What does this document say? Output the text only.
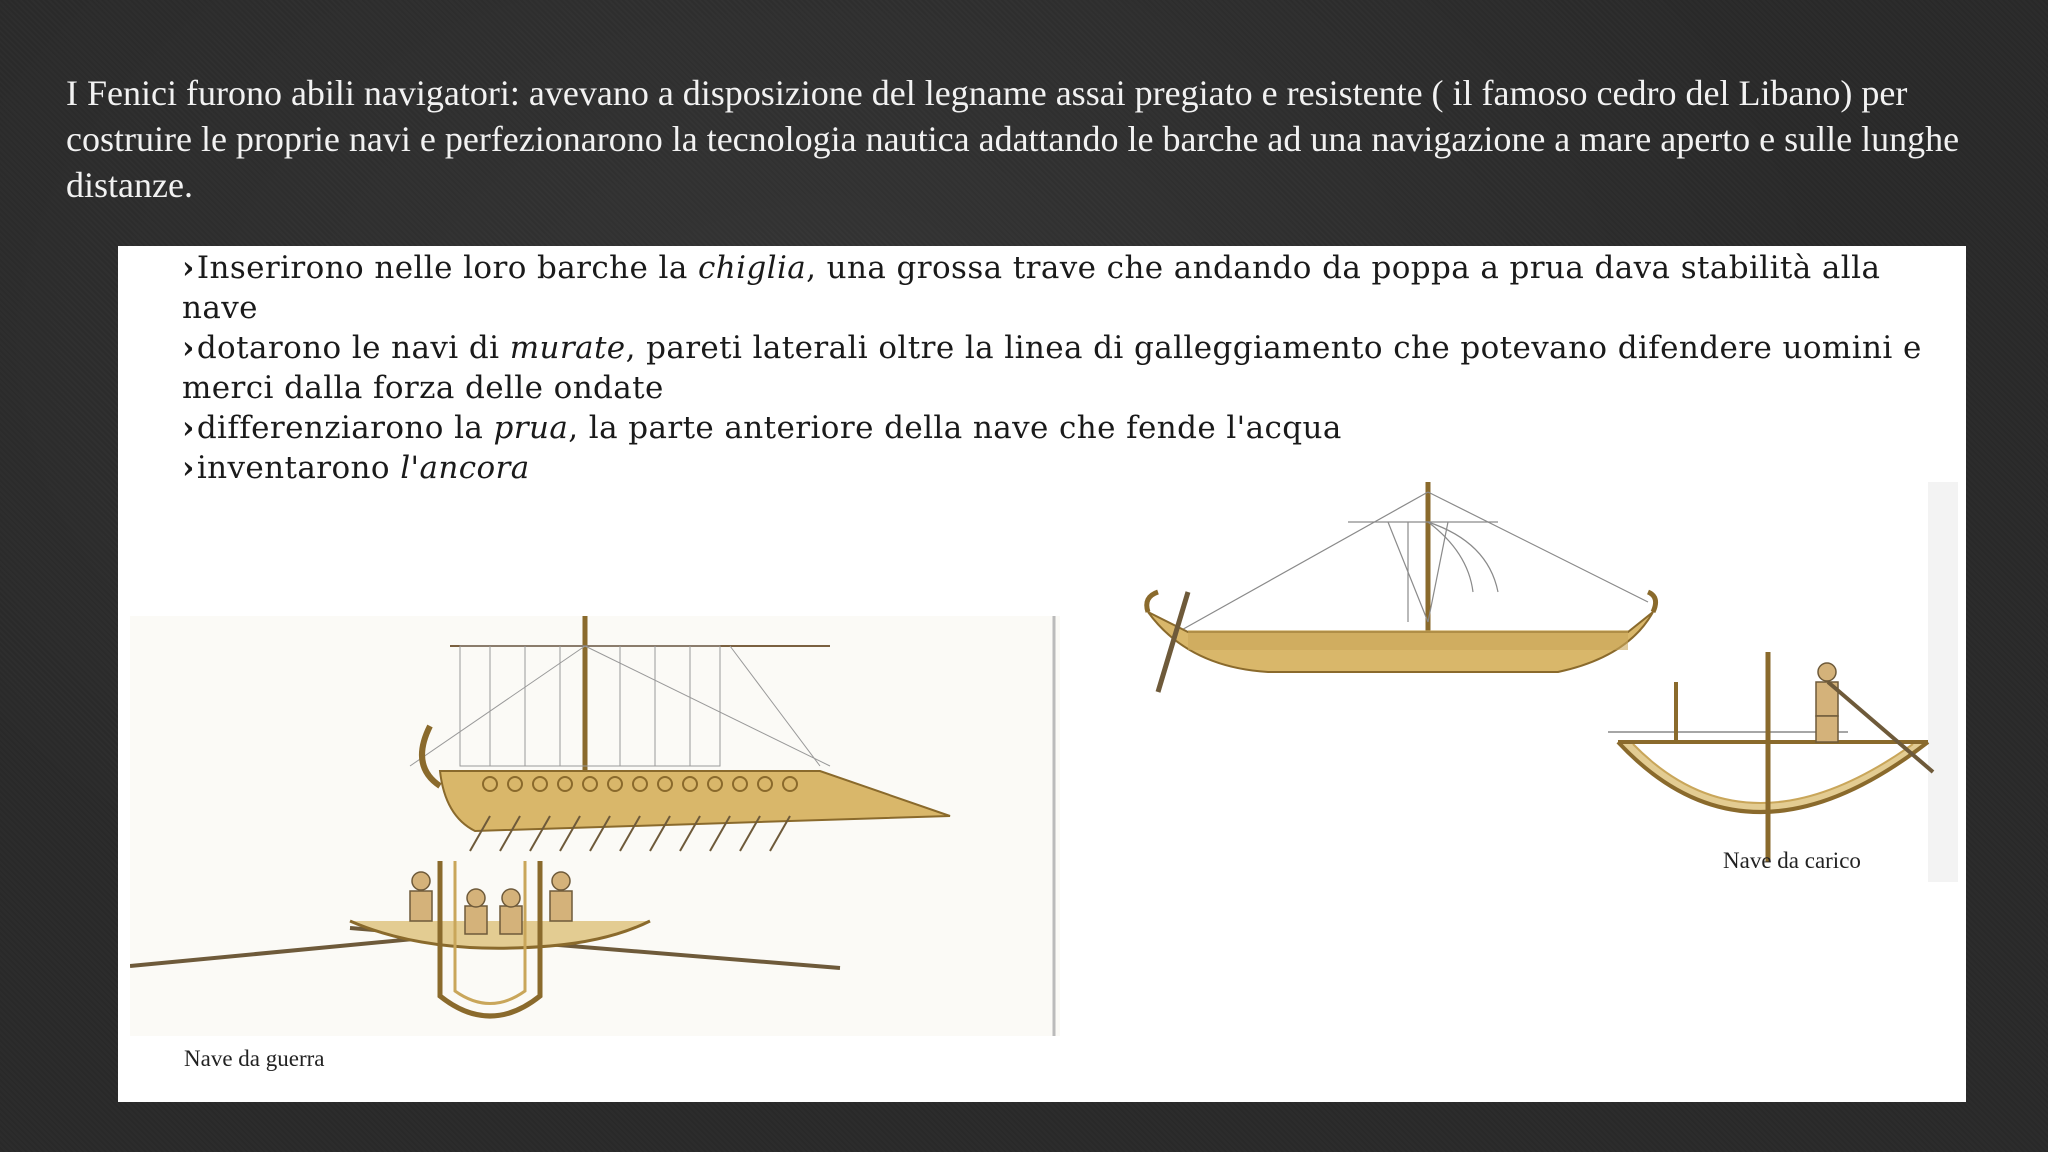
I Fenici furono abili navigatori: avevano a disposizione del legname assai pregiato e resistente ( il famoso cedro del Libano) per costruire le proprie navi e perfezionarono la tecnologia nautica adattando le barche ad una navigazione a mare aperto e sulle lunghe distanze.
› Inserirono nelle loro barche la chiglia, una grossa trave che andando da poppa a prua dava stabilità alla nave
› dotarono le navi di murate, pareti laterali oltre la linea di galleggiamento che potevano difendere uomini e merci dalla forza delle ondate
› differenziarono la prua, la parte anteriore della nave che fende l'acqua
› inventarono l'ancora
Nave da guerra
Nave da carico
